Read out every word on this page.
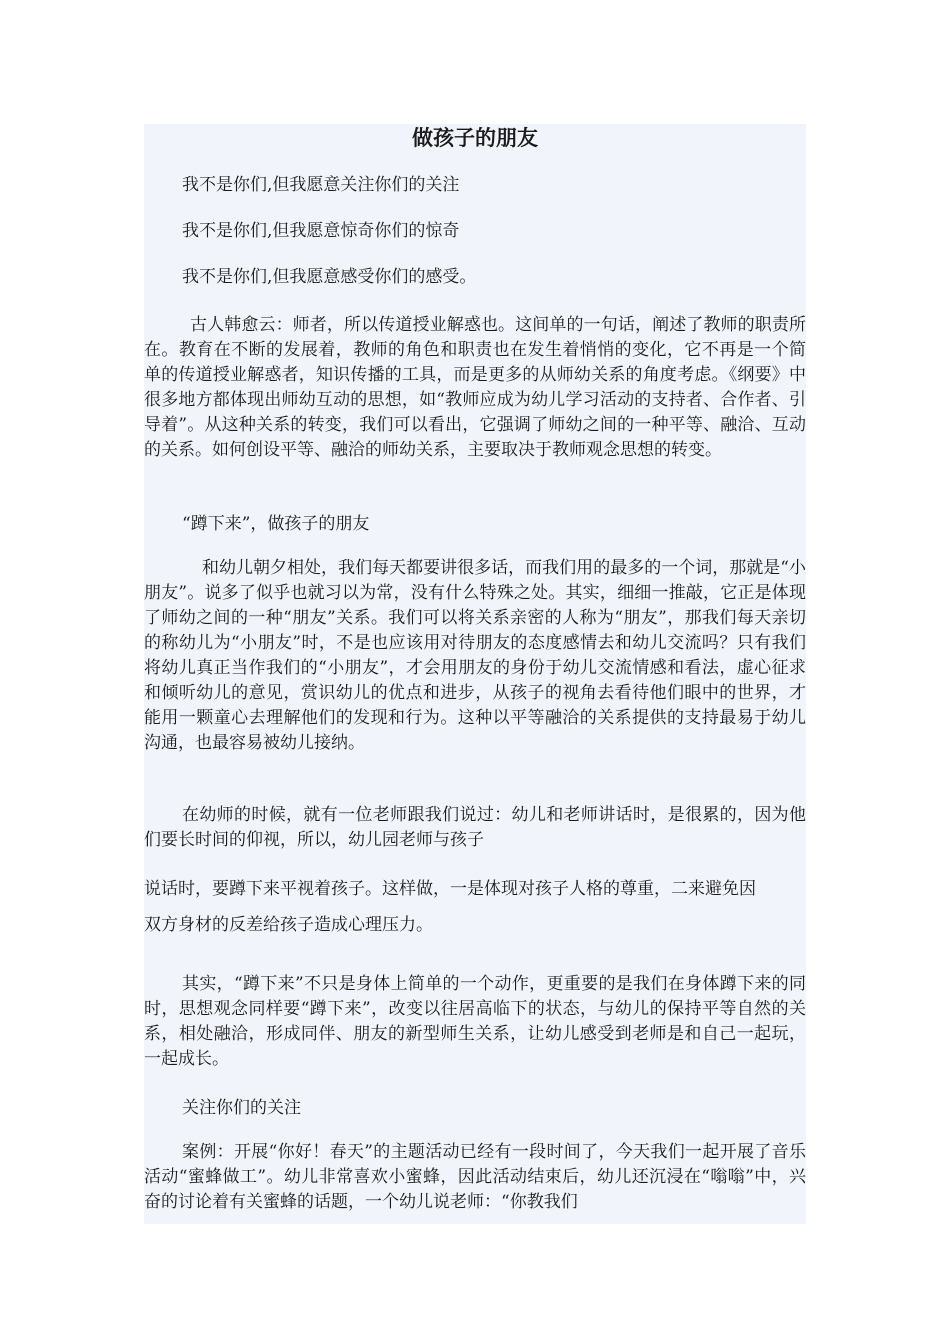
做孩子的朋友

我不是你们,但我愿意关注你们的关注

我不是你们,但我愿意惊奇你们的惊奇

我不是你们,但我愿意感受你们的感受。

古人韩愈云：师者，所以传道授业解惑也。这间单的一句话，阐述了教师的职责所在。教育在不断的发展着，教师的角色和职责也在发生着悄悄的变化，它不再是一个简单的传道授业解惑者，知识传播的工具，而是更多的从师幼关系的角度考虑。《纲要》中很多地方都体现出师幼互动的思想，如“教师应成为幼儿学习活动的支持者、合作者、引导着”。从这种关系的转变，我们可以看出，它强调了师幼之间的一种平等、融洽、互动的关系。如何创设平等、融洽的师幼关系，主要取决于教师观念思想的转变。

“蹲下来”，做孩子的朋友

和幼儿朝夕相处，我们每天都要讲很多话，而我们用的最多的一个词，那就是“小朋友”。说多了似乎也就习以为常，没有什么特殊之处。其实，细细一推敲，它正是体现了师幼之间的一种“朋友”关系。我们可以将关系亲密的人称为“朋友”，那我们每天亲切的称幼儿为“小朋友”时，不是也应该用对待朋友的态度感情去和幼儿交流吗？只有我们将幼儿真正当作我们的“小朋友”，才会用朋友的身份于幼儿交流情感和看法，虚心征求和倾听幼儿的意见，赏识幼儿的优点和进步，从孩子的视角去看待他们眼中的世界，才能用一颗童心去理解他们的发现和行为。这种以平等融洽的关系提供的支持最易于幼儿沟通，也最容易被幼儿接纳。

在幼师的时候，就有一位老师跟我们说过：幼儿和老师讲话时，是很累的，因为他们要长时间的仰视，所以，幼儿园老师与孩子

说话时，要蹲下来平视着孩子。这样做，一是体现对孩子人格的尊重，二来避免因

双方身材的反差给孩子造成心理压力。

其实，“蹲下来”不只是身体上简单的一个动作，更重要的是我们在身体蹲下来的同时，思想观念同样要“蹲下来”，改变以往居高临下的状态，与幼儿的保持平等自然的关系，相处融洽，形成同伴、朋友的新型师生关系，让幼儿感受到老师是和自己一起玩，一起成长。

关注你们的关注

案例：开展“你好！春天”的主题活动已经有一段时间了，今天我们一起开展了音乐活动“蜜蜂做工”。幼儿非常喜欢小蜜蜂，因此活动结束后，幼儿还沉浸在“嗡嗡”中，兴奋的讨论着有关蜜蜂的话题，一个幼儿说老师：“你教我们
